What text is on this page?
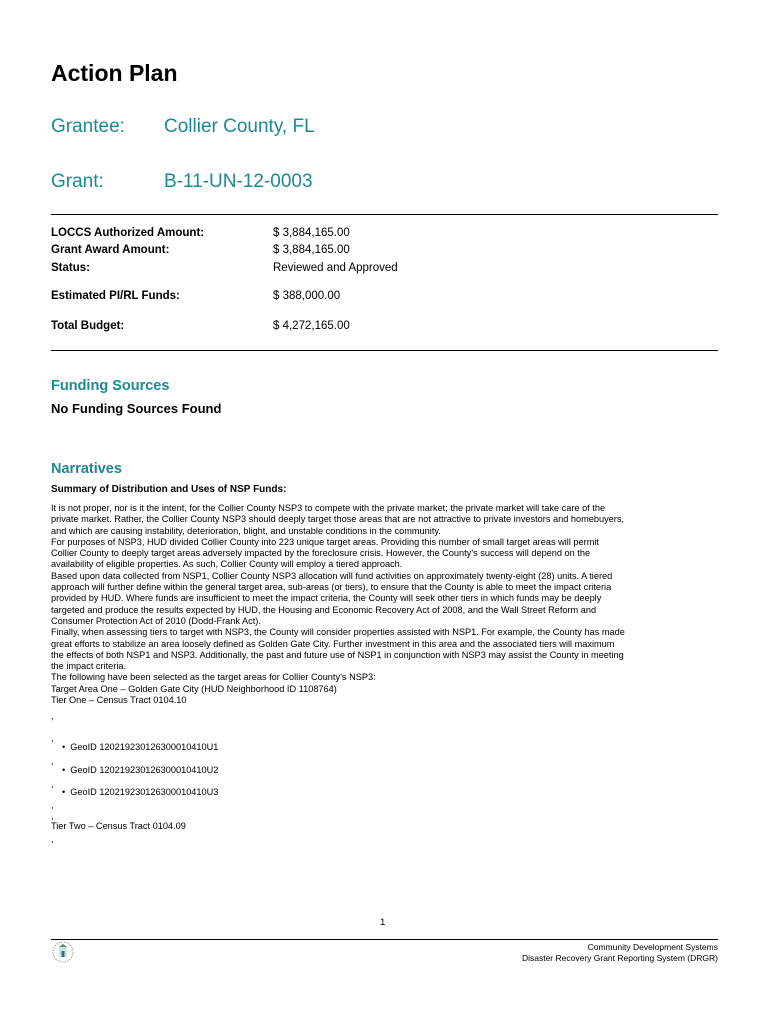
Action Plan
Grantee: Collier County, FL
Grant:	B-11-UN-12-0003
LOCCS Authorized Amount:	$ 3,884,165.00
Grant Award Amount:	$ 3,884,165.00
Status:	Reviewed and Approved
Estimated PI/RL Funds:	$ 388,000.00
Total Budget:	$ 4,272,165.00
Funding Sources
No Funding Sources Found
Narratives
Summary of Distribution and Uses of NSP Funds:

It is not proper, nor is it the intent, for the Collier County NSP3 to compete with the private market; the private market will take care of the

private market. Rather, the Collier County NSP3 should deeply target those areas that are not attractive to private investors and homebuyers,

and which are causing instability, deterioration, blight, and unstable conditions in the community.

For purposes of NSP3, HUD divided Collier County into 223 unique target areas. Providing this number of small target areas will permit

Collier County to deeply target areas adversely impacted by the foreclosure crisis. However, the County’s success will depend on the

availability of eligible properties. As such, Collier County will employ a tiered approach.

Based upon data collected from NSP1, Collier County NSP3 allocation will fund activities on approximately twenty-eight (28) units. A tiered

approach will further define within the general target area, sub-areas (or tiers), to ensure that the County is able to meet the impact criteria

provided by HUD. Where funds are insufficient to meet the impact criteria, the County will seek other tiers in which funds may be deeply

targeted and produce the results expected by HUD, the Housing and Economic Recovery Act of 2008, and the Wall Street Reform and

Consumer Protection Act of 2010 (Dodd-Frank Act).

Finally, when assessing tiers to target with NSP3, the County will consider properties assisted with NSP1. For example, the County has made

great efforts to stabilize an area loosely defined as Golden Gate City. Further investment in this area and the associated tiers will maximum

the effects of both NSP1 and NSP3. Additionally, the past and future use of NSP1 in conjunction with NSP3 may assist the County in meeting

the impact criteria.

The following have been selected as the target areas for Collier County’s NSP3:

Target Area One – Golden Gate City (HUD Neighborhood ID 1108764)

Tier One – Census Tract 0104.10

,
,
• GeoID 120219230126300010410U1
,
• GeoID 120219230126300010410U2
,
• GeoID 120219230126300010410U3
,
,
Tier Two – Census Tract 0104.09
,
1
Community Development Systems
Disaster Recovery Grant Reporting System (DRGR)
